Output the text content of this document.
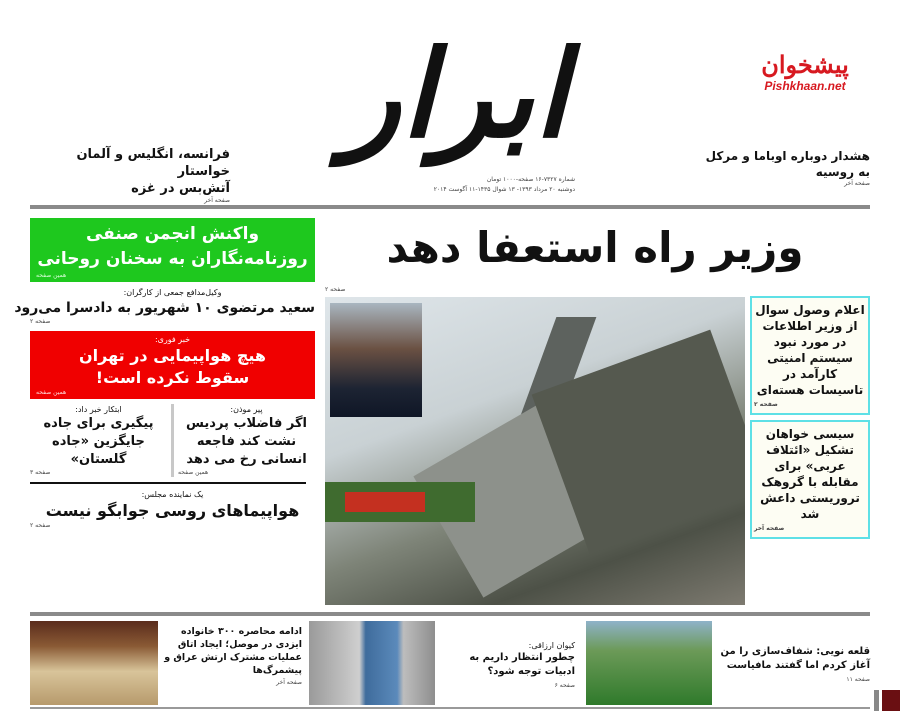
پیشخوان
Pishkhaan.net
ابرار
شماره ۷۳۲۷-۱۶ صفحه-۱۰۰۰ تومان
دوشنبه ۲۰ مرداد ۱۳۹۳- ۱۳ شوال ۱۴۳۵-۱۱ آگوست ۲۰۱۴
فرانسه، انگلیس و آلمان خواستار
آتش‌بس در غزه
صفحه آخر
هشدار دوباره اوباما و مرکل
به روسیه
صفحه آخر
وزیر راه استعفا دهد
صفحه ۲
اعلام وصول سوال از وزیر اطلاعات در مورد نبود سیستم امنیتی کارآمد در تاسیسات هسته‌ای
صفحه ۲
سیسی خواهان تشکیل «ائتلاف عربی» برای مقابله با گروهک تروریستی داعش شد
صفحه آخر
واکنش انجمن صنفی روزنامه‌نگاران به سخنان روحانی
همین صفحه
وکیل‌مدافع جمعی از کارگران:
سعید مرتضوی ۱۰ شهریور به دادسرا می‌رود
صفحه ۲
خبر فوری:
هیچ هواپیمایی در تهران سقوط نکرده است!
همین صفحه
پیر موذن:
اگر فاضلاب پردیس نشت کند فاجعه انسانی رخ می دهد
همین صفحه
ابتکار خبر داد:
پیگیری برای جاده جایگزین «جاده گلستان»
صفحه ۳
یک نماینده مجلس:
هواپیماهای روسی جوابگو نیست
صفحه ۲
قلعه نویی: شفاف‌سازی را من آغاز کردم اما گفتند مافیاست
صفحه ۱۱
کیوان ارزاقی:
چطور انتظار داریم به ادبیات توجه شود؟
صفحه ۶
ادامه محاصره ۳۰۰ خانواده ایزدی در موصل؛ ایجاد اتاق عملیات مشترک ارتش عراق و پیشمرگ‌ها
صفحه آخر
